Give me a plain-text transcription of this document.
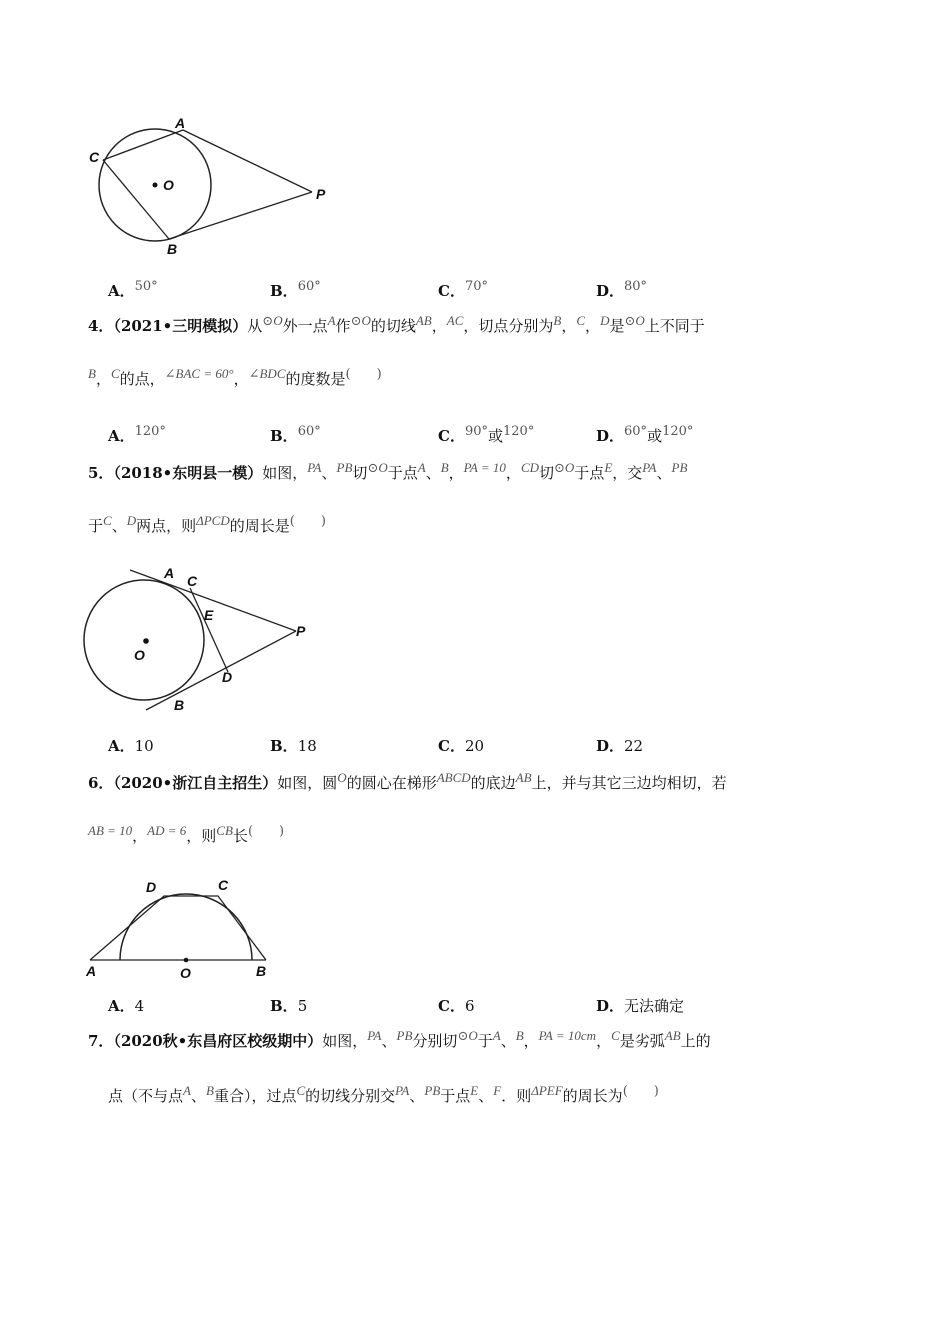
A
C
O
P
B
A．50°	B．60°	C．70°	D．80°
4．（2021•三明模拟）从⊙O外一点A作⊙O的切线AB，AC，切点分别为B，C，D是⊙O上不同于
B，C的点，∠BAC = 60°，∠BDC的度数是(　　)
A．120°	B．60°	C．90°或120°	D．60°或120°
5．（2018•东明县一模）如图，PA、PB切⊙O于点A、B，PA = 10，CD切⊙O于点E，交PA、PB
于C、D两点，则ΔPCD的周长是(　　)
A C
E
P
O
D
B
A．10	B．18	C．20	D．22
6．（2020•浙江自主招生）如图，圆O的圆心在梯形ABCD的底边AB上，并与其它三边均相切，若
AB = 10，AD = 6，则CB长(　　)
D	C
A	O	B
A．4	B．5	C．6	D．无法确定
7．（2020秋•东昌府区校级期中）如图，PA、PB分别切⊙O于A、B，PA = 10cm，C是劣弧AB上的
点（不与点A、B重合），过点C的切线分别交PA、PB于点E、F．则ΔPEF的周长为(　　)
